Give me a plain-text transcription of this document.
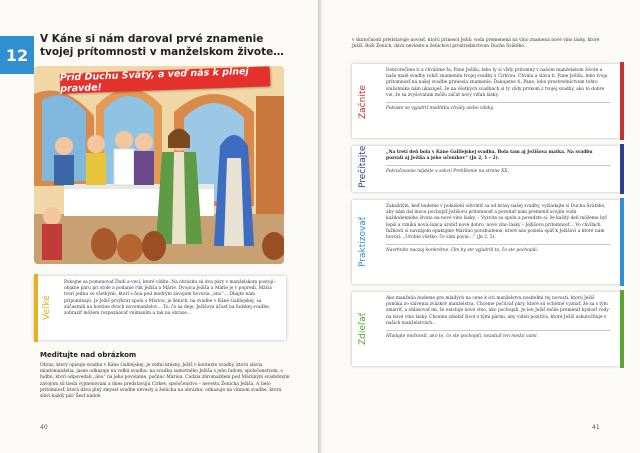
12
V Káne si nám daroval prvé znamenie tvojej prítomnosti v manželskom živote…
Príď Duchu Svätý, a veď nás k plnej pravde!
Veľké
Pokojne sa pomenovať Ďudi a veci, ktoré vidíte. Na obrázku sú dva páry v manželskom postojí: objatie páru pri stole a podanie rúk Ježiša a Márie. Dvojica Ježiša a Márie je v popredí. Mária tvorí jednu so všetkými, ktorí s ňou pod modrým závojom hovoria „áno“… Dbajte nám prípomínajú. Je Ježiš prvýkrát spolu s Máriou, je ženich, na svadbe v Káne Galilejskej, sa zúčastnili na hostine dvoch novomanželov… To, čo sa deje, Ježišova účasť na ľudskej svadbe, zobraziť môžem rozpoznávať vnímaním a tak na obraze…
Meditujte nad obrázkom
Obraz, ktorý opisuje svadbu v Káne Galilejskej, je veľmi krásny. Ježiš v kontexte svadby, ktorú slávia mladomanželia, jasne odkazuje na veľkú svadbu: na svadbu samotného Ježiša s jeho ľudom, spoločenstvom, s ľuďmi, ktorí odpovedali „áno“ na jeho povolanie, počnúc Máriou. Cudzia zhromaždení pod Máriiným svadobným závojom sú tieda vyjmenovaní a dnes predstavujú Cirkev, spoločenstvo – nevestu Ženícha Ježiša. A tieto prítomnosť, ktorá dáva plný zmysel svadbe nevesty a ženícha na obrázku, odkazuje na vínnom svadbe, ktorú slávi každý pár. Šesť nádob
40
v skutočnosti predstavuje novosť, ktorú prinesol Ježiš: voda premenená na víno znamená nové víno lásky, ktoré Ježiš, Boží Ženích, dáva nevieste a ženíchovi prostredníctvom Ducha Svätého.
Začnite
Dobrorečíme ti a chválime ťa, Pane Ježišu, lebo ty si vždy prítomný v našom manželskom živote a naše malé svadby robíš znamením tvojej svadby s Cirkvou. Chvála a sláva ti, Pane Ježišu, lebo tvoja prítomnosť na našej svadbe priniesla znamenie. Ďakujeme ti, Pane, lebo prostredníctvom tohto služobníka nám ukazuješ, že na všetkých svadbách si ty vždy prvkom z tvojej svadby, ako to dobre vie, že sa zvyšovaním môžu začať nový vzťah lásky.
Pokúste sa vyjadriť modlitbu chvály alebo vďaky.
Prečítajte	„Na tretí deň bola v Káne Galilejskej svadba. Bola tam aj Ježišova matka. Na svadbu pozvali aj Ježiša a jeho učeníkov“ (Jn 2, 1 – 2).
Pokračovanie nájdete v sekcii Prehĺbenie na strane XX.
Praktizovať
Zakaždým, keď budeme v pokušení odvrátiť sa od krásy našej svadby, vyžiadajte si Ducha Svätého, aby nám dal mocu pochopiť Ježišovu prítomnosť a povedať nám premeniť svojím vodu každodenného života na nové víno lásky. – Vyzvite sa spolu a povedzte si, že každý deň môžeme byť lepší a vzniká nová šanca urobiť nové dobro, nové víno lásky – Ježišovu prítomnosť… Vo chvíľach ťažkostí si navzájom opakujme Máriino povzbudenie, ktoré nás posiela späť k Ježišovi a ktoré nám hovorí: „Urobte všetko, čo vám povie…“ (Jn 2, 5).
Navrhnite naozaj konkrétne, čím by ste vyjadrili to, čo ste pochopili.
Zdieľať
Ako manželia budeme pre mladých na cene k ich manželstvu nositeľmi tej novosti, ktorú Ježiš ponúka zo slávenia zväzkov manželstva. Chceme počúvať páry, ktoré sú ochotné vyznať, že sa s tým zmieriť, a ohlasovať im, že existuje nové víno, ako pochopili. Je len Ježiš môže premeniť kyslosť vody na nové víno lásky. Chceme zdieľať život s tými pármi, aby videli pozitíva, ktoré Ježiš uskutočňuje v našich manželstvách…
Hľadajte možnosti, ako to, čo ste pochopili, nezatiaľ len medzi vami.
41
